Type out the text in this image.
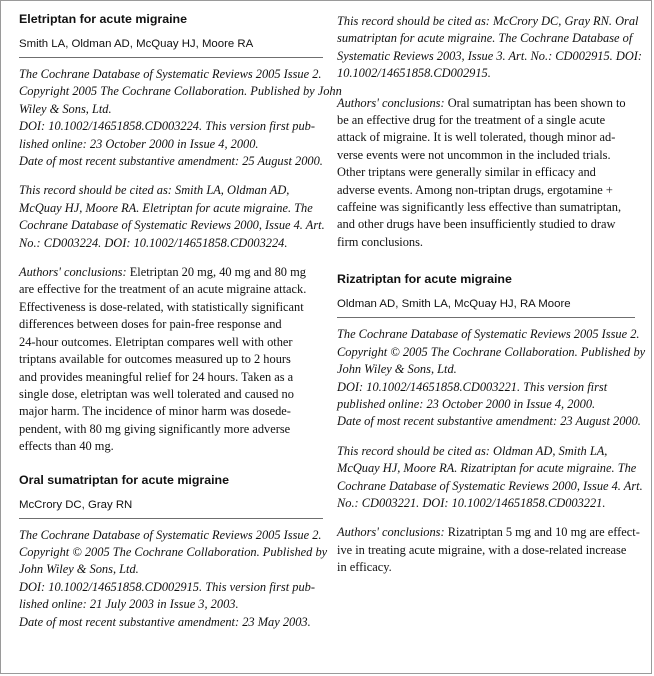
Eletriptan for acute migraine

Smith LA, Oldman AD, McQuay HJ, Moore RA

The Cochrane Database of Systematic Reviews 2005 Issue 2.
Copyright 2005 The Cochrane Collaboration. Published by John
Wiley & Sons, Ltd.
DOI: 10.1002/14651858.CD003224. This version first pub-
lished online: 23 October 2000 in Issue 4, 2000.
Date of most recent substantive amendment: 25 August 2000.

This record should be cited as: Smith LA, Oldman AD,
McQuay HJ, Moore RA. Eletriptan for acute migraine. The
Cochrane Database of Systematic Reviews 2000, Issue 4. Art.
No.: CD003224. DOI: 10.1002/14651858.CD003224.

Authors' conclusions: Eletriptan 20 mg, 40 mg and 80 mg
are effective for the treatment of an acute migraine attack.
Effectiveness is dose-related, with statistically significant
differences between doses for pain-free response and
24-hour outcomes. Eletriptan compares well with other
triptans available for outcomes measured up to 2 hours
and provides meaningful relief for 24 hours. Taken as a
single dose, eletriptan was well tolerated and caused no
major harm. The incidence of minor harm was dosede-
pendent, with 80 mg giving significantly more adverse
effects than 40 mg.

Oral sumatriptan for acute migraine

McCrory DC, Gray RN

The Cochrane Database of Systematic Reviews 2005 Issue 2.
Copyright © 2005 The Cochrane Collaboration. Published by
John Wiley & Sons, Ltd.
DOI: 10.1002/14651858.CD002915. This version first pub-
lished online: 21 July 2003 in Issue 3, 2003.
Date of most recent substantive amendment: 23 May 2003.

This record should be cited as: McCrory DC, Gray RN. Oral
sumatriptan for acute migraine. The Cochrane Database of
Systematic Reviews 2003, Issue 3. Art. No.: CD002915. DOI:
10.1002/14651858.CD002915.

Authors' conclusions: Oral sumatriptan has been shown to
be an effective drug for the treatment of a single acute
attack of migraine. It is well tolerated, though minor ad-
verse events were not uncommon in the included trials.
Other triptans were generally similar in efficacy and
adverse events. Among non-triptan drugs, ergotamine +
caffeine was significantly less effective than sumatriptan,
and other drugs have been insufficiently studied to draw
firm conclusions.

Rizatriptan for acute migraine

Oldman AD, Smith LA, McQuay HJ, RA Moore

The Cochrane Database of Systematic Reviews 2005 Issue 2.
Copyright © 2005 The Cochrane Collaboration. Published by
John Wiley & Sons, Ltd.
DOI: 10.1002/14651858.CD003221. This version first
published online: 23 October 2000 in Issue 4, 2000.
Date of most recent substantive amendment: 23 August 2000.

This record should be cited as: Oldman AD, Smith LA,
McQuay HJ, Moore RA. Rizatriptan for acute migraine. The
Cochrane Database of Systematic Reviews 2000, Issue 4. Art.
No.: CD003221. DOI: 10.1002/14651858.CD003221.

Authors' conclusions: Rizatriptan 5 mg and 10 mg are effect-
ive in treating acute migraine, with a dose-related increase
in efficacy.
